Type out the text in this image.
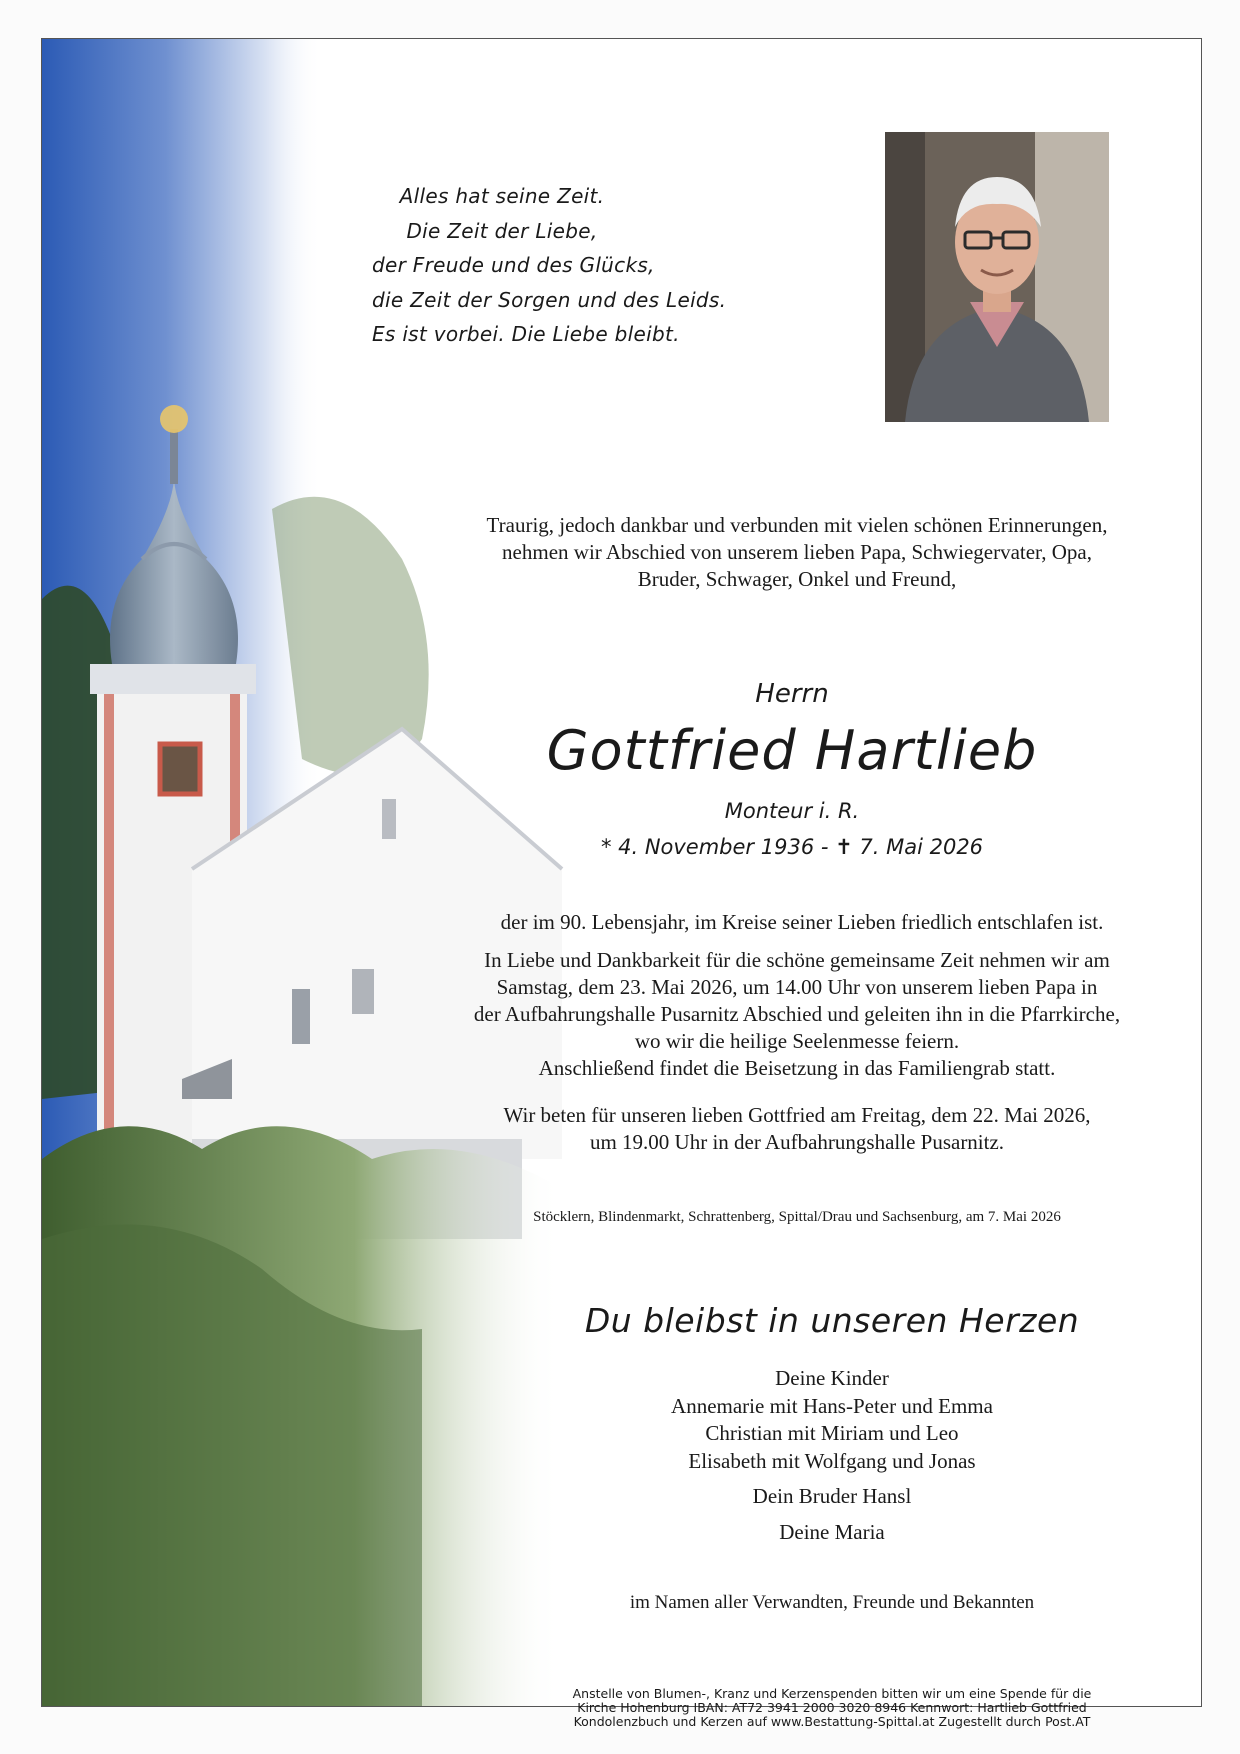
Alles hat seine Zeit.
Die Zeit der Liebe,
der Freude und des Glücks,
die Zeit der Sorgen und des Leids.
Es ist vorbei. Die Liebe bleibt.
Traurig, jedoch dankbar und verbunden mit vielen schönen Erinnerungen,
nehmen wir Abschied von unserem lieben Papa, Schwiegervater, Opa,
Bruder, Schwager, Onkel und Freund,
Herrn
Gottfried Hartlieb
Monteur i. R.
* 4. November 1936 - ✝ 7. Mai 2026
der im 90. Lebensjahr, im Kreise seiner Lieben friedlich entschlafen ist.
In Liebe und Dankbarkeit für die schöne gemeinsame Zeit nehmen wir am
Samstag, dem 23. Mai 2026, um 14.00 Uhr von unserem lieben Papa in
der Aufbahrungshalle Pusarnitz Abschied und geleiten ihn in die Pfarrkirche,
wo wir die heilige Seelenmesse feiern.
Anschließend findet die Beisetzung in das Familiengrab statt.
Wir beten für unseren lieben Gottfried am Freitag, dem 22. Mai 2026,
um 19.00 Uhr in der Aufbahrungshalle Pusarnitz.
Stöcklern, Blindenmarkt, Schrattenberg, Spittal/Drau und Sachsenburg, am 7. Mai 2026
Du bleibst in unseren Herzen
Deine Kinder
Annemarie mit Hans-Peter und Emma
Christian mit Miriam und Leo
Elisabeth mit Wolfgang und Jonas
Dein Bruder Hansl
Deine Maria
im Namen aller Verwandten, Freunde und Bekannten
Anstelle von Blumen-, Kranz und Kerzenspenden bitten wir um eine Spende für die
Kirche Hohenburg IBAN: AT72 3941 2000 3020 8946 Kennwort: Hartlieb Gottfried
Kondolenzbuch und Kerzen auf www.Bestattung-Spittal.at Zugestellt durch Post.AT
